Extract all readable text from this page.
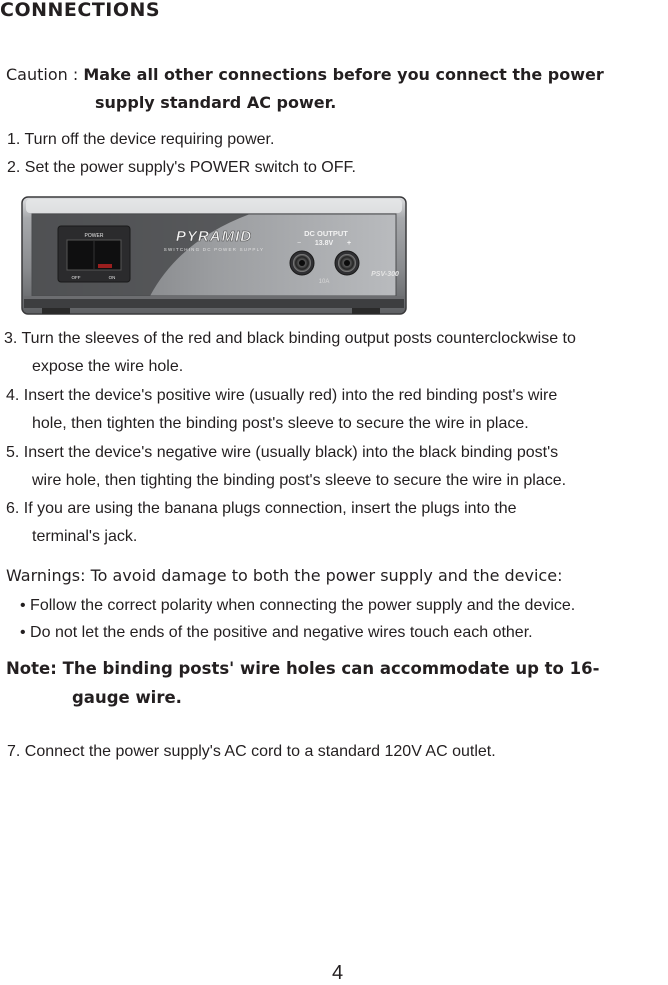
CONNECTIONS
Caution : Make all other connections before you connect the power
supply standard AC power.
1. Turn off the device requiring power.
2. Set the power supply's POWER switch to OFF.
POWER
OFF	ON
PYRAMID
SWITCHING DC POWER SUPPLY
DC OUTPUT
13.8V
−	+
10A
PSV-300
3. Turn the sleeves of the red and black binding output posts counterclockwise to
expose the wire hole.
4. Insert the device's positive wire (usually red) into the red binding post's wire
hole, then tighten the binding post's sleeve to secure the wire in place.
5. Insert the device's negative wire (usually black) into the black binding post's
wire hole, then tighting the binding post's sleeve to secure the wire in place.
6. If you are using the banana plugs connection, insert the plugs into the
terminal's jack.
Warnings: To avoid damage to both the power supply and the device:
• Follow the correct polarity when connecting the power supply and the device.
• Do not let the ends of the positive and negative wires touch each other.
Note: The binding posts' wire holes can accommodate up to 16-
gauge wire.
7. Connect the power supply's AC cord to a standard 120V AC outlet.
4
